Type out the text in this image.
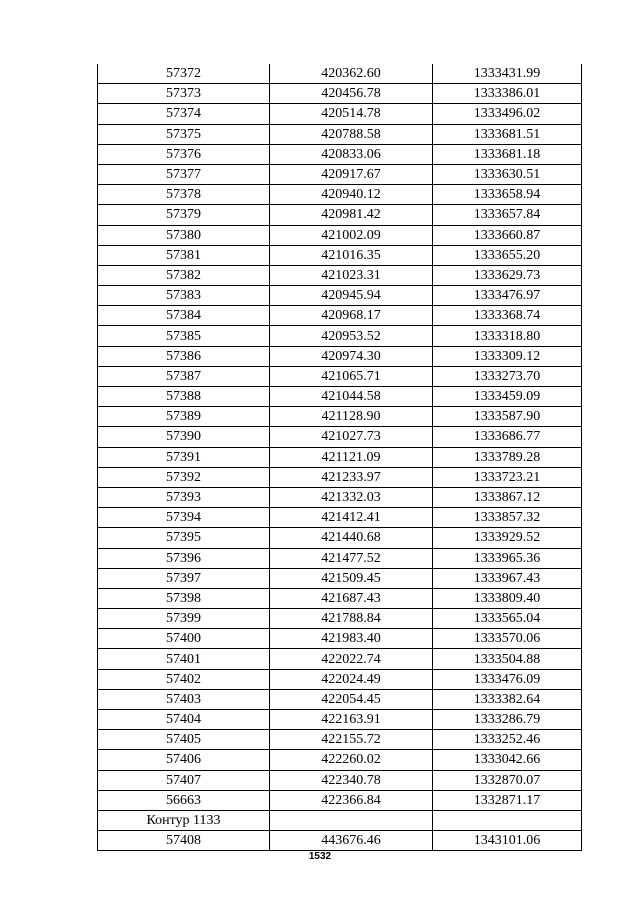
57372	420362.60	1333431.99
57373	420456.78	1333386.01
57374	420514.78	1333496.02
57375	420788.58	1333681.51
57376	420833.06	1333681.18
57377	420917.67	1333630.51
57378	420940.12	1333658.94
57379	420981.42	1333657.84
57380	421002.09	1333660.87
57381	421016.35	1333655.20
57382	421023.31	1333629.73
57383	420945.94	1333476.97
57384	420968.17	1333368.74
57385	420953.52	1333318.80
57386	420974.30	1333309.12
57387	421065.71	1333273.70
57388	421044.58	1333459.09
57389	421128.90	1333587.90
57390	421027.73	1333686.77
57391	421121.09	1333789.28
57392	421233.97	1333723.21
57393	421332.03	1333867.12
57394	421412.41	1333857.32
57395	421440.68	1333929.52
57396	421477.52	1333965.36
57397	421509.45	1333967.43
57398	421687.43	1333809.40
57399	421788.84	1333565.04
57400	421983.40	1333570.06
57401	422022.74	1333504.88
57402	422024.49	1333476.09
57403	422054.45	1333382.64
57404	422163.91	1333286.79
57405	422155.72	1333252.46
57406	422260.02	1333042.66
57407	422340.78	1332870.07
56663	422366.84	1332871.17
Контур 1133		
57408	443676.46	1343101.06
1532
